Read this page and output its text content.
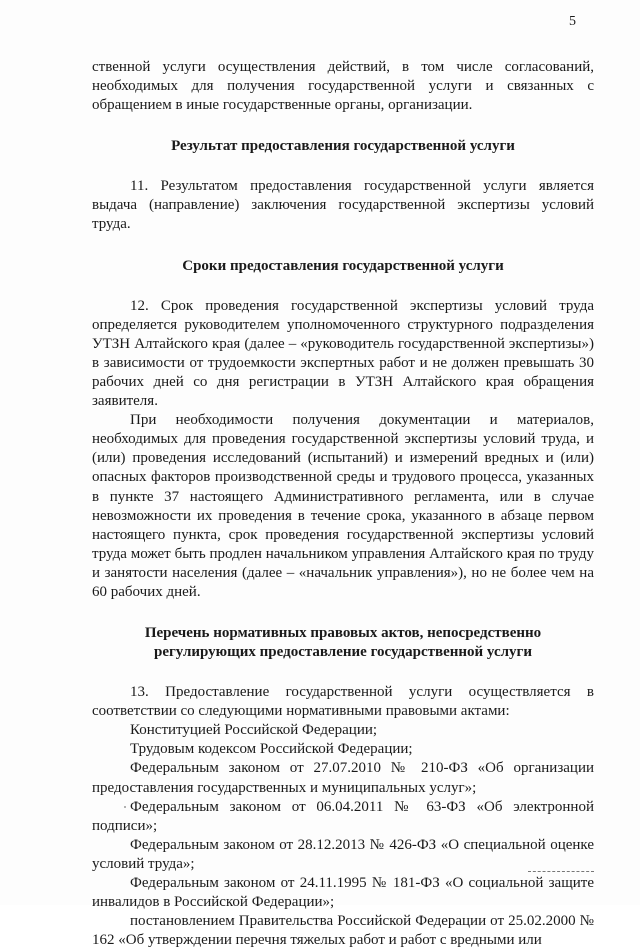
5

ственной услуги осуществления действий, в том числе согласований, необходимых для получения государственной услуги и связанных с обращением в иные государственные органы, организации.

Результат предоставления государственной услуги

11. Результатом предоставления государственной услуги является выдача (направление) заключения государственной экспертизы условий труда.

Сроки предоставления государственной услуги

12. Срок проведения государственной экспертизы условий труда определяется руководителем уполномоченного структурного подразделения УТЗН Алтайского края (далее – «руководитель государственной экспертизы») в зависимости от трудоемкости экспертных работ и не должен превышать 30 рабочих дней со дня регистрации в УТЗН Алтайского края обращения заявителя.

При необходимости получения документации и материалов, необходимых для проведения государственной экспертизы условий труда, и (или) проведения исследований (испытаний) и измерений вредных и (или) опасных факторов производственной среды и трудового процесса, указанных в пункте 37 настоящего Административного регламента, или в случае невозможности их проведения в течение срока, указанного в абзаце первом настоящего пункта, срок проведения государственной экспертизы условий труда может быть продлен начальником управления Алтайского края по труду и занятости населения (далее – «начальник управления»), но не более чем на 60 рабочих дней.

Перечень нормативных правовых актов, непосредственно
регулирующих предоставление государственной услуги

13. Предоставление государственной услуги осуществляется в соответствии со следующими нормативными правовыми актами:

Конституцией Российской Федерации;

Трудовым кодексом Российской Федерации;

Федеральным законом от 27.07.2010 № 210-ФЗ «Об организации предоставления государственных и муниципальных услуг»;

Федеральным законом от 06.04.2011 № 63-ФЗ «Об электронной подписи»;

Федеральным законом от 28.12.2013 № 426-ФЗ «О специальной оценке условий труда»;

Федеральным законом от 24.11.1995 № 181-ФЗ «О социальной защите инвалидов в Российской Федерации»;

постановлением Правительства Российской Федерации от 25.02.2000 № 162 «Об утверждении перечня тяжелых работ и работ с вредными или
